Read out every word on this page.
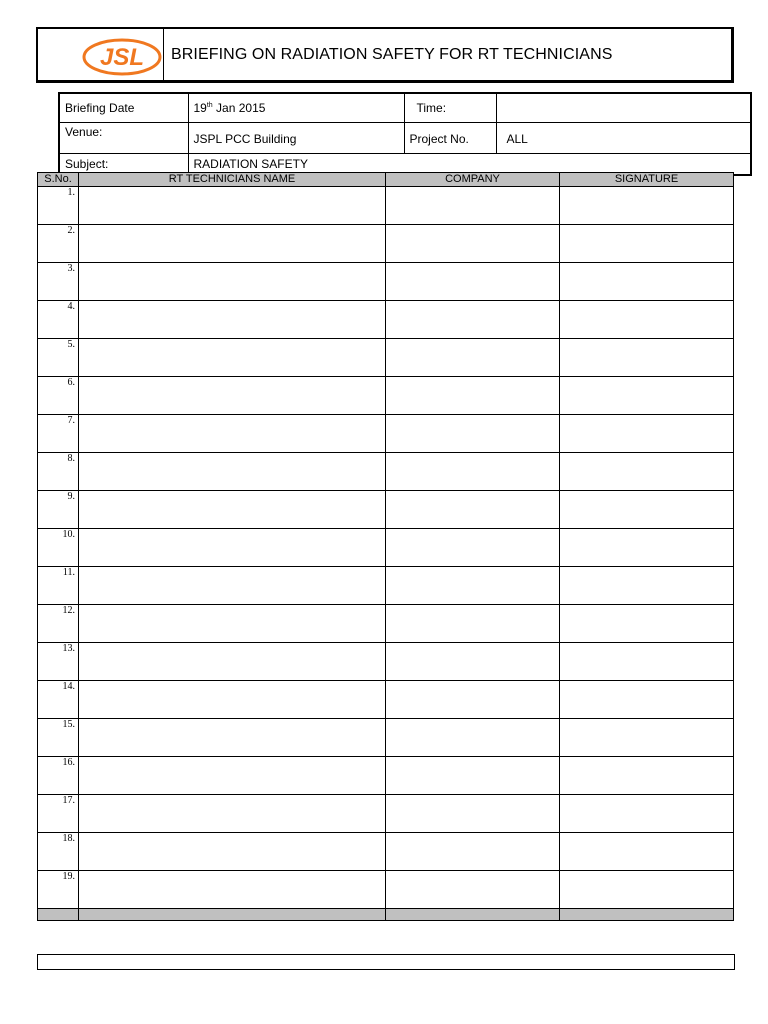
JSL BRIEFING ON RADIATION SAFETY FOR RT TECHNICIANS
Briefing Date	19th Jan 2015	Time:	
Venue:	JSPL PCC Building	Project No.	ALL
Subject:	RADIATION SAFETY		
S.No.	RT TECHNICIANS NAME	COMPANY	SIGNATURE
1.			
2.			
3.			
4.			
5.			
6.			
7.			
8.			
9.			
10.			
11.			
12.			
13.			
14.			
15.			
16.			
17.			
18.			
19.			
